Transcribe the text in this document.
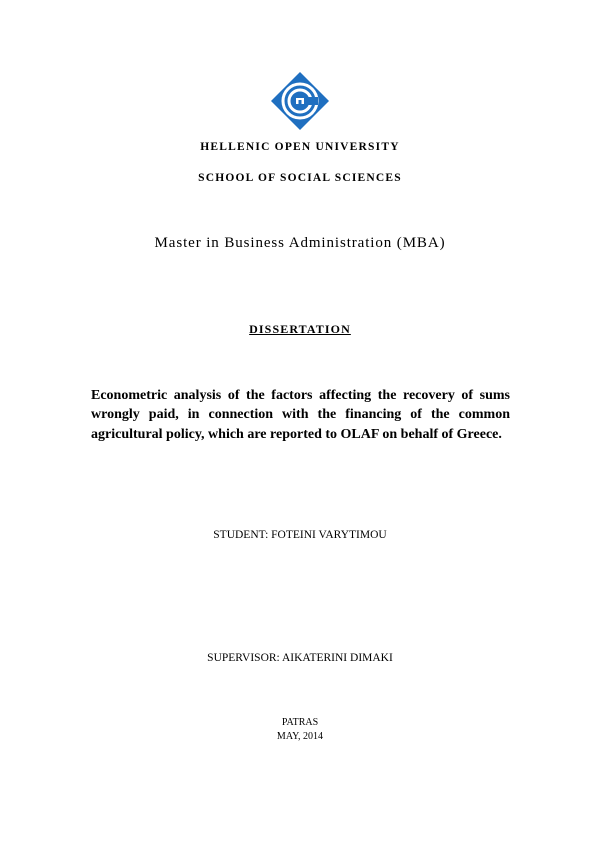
HELLENIC OPEN UNIVERSITY
SCHOOL OF SOCIAL SCIENCES
Master in Business Administration (MBA)
DISSERTATION
Econometric analysis of the factors affecting the recovery of sums
wrongly paid, in connection with the financing of the common
agricultural policy, which are reported to OLAF on behalf of Greece.
STUDENT: FOTEINI VARYTIMOU
SUPERVISOR: AIKATERINI DIMAKI
PATRAS
MAY, 2014
